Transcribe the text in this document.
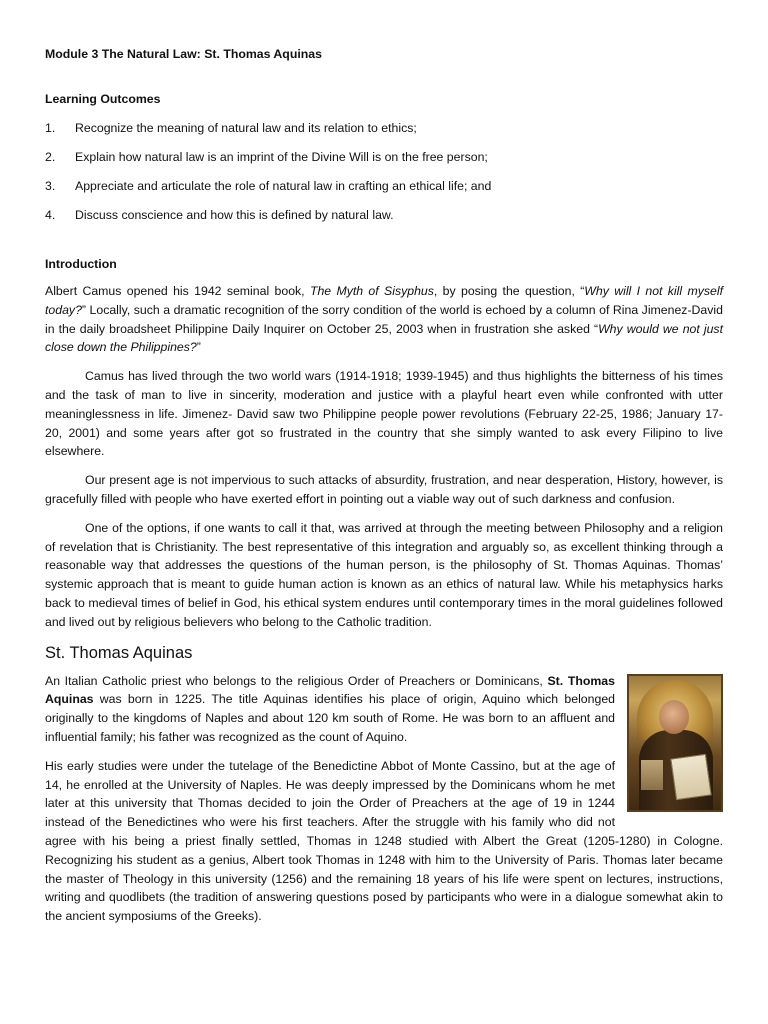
Module 3 The Natural Law: St. Thomas Aquinas
Learning Outcomes
1.	Recognize the meaning of natural law and its relation to ethics;
2.	Explain how natural law is an imprint of the Divine Will is on the free person;
3.	Appreciate and articulate the role of natural law in crafting an ethical life; and
4.	Discuss conscience and how this is defined by natural law.
Introduction

Albert Camus opened his 1942 seminal book, The Myth of Sisyphus, by posing the question, “Why will I not kill myself today?” Locally, such a dramatic recognition of the sorry condition of the world is echoed by a column of Rina Jimenez-David in the daily broadsheet Philippine Daily Inquirer on October 25, 2003 when in frustration she asked “Why would we not just close down the Philippines?”

Camus has lived through the two world wars (1914-1918; 1939-1945) and thus highlights the bitterness of his times and the task of man to live in sincerity, moderation and justice with a playful heart even while confronted with utter meaninglessness in life. Jimenez- David saw two Philippine people power revolutions (February 22-25, 1986; January 17-20, 2001) and some years after got so frustrated in the country that she simply wanted to ask every Filipino to live elsewhere.

Our present age is not impervious to such attacks of absurdity, frustration, and near desperation, History, however, is gracefully filled with people who have exerted effort in pointing out a viable way out of such darkness and confusion.

One of the options, if one wants to call it that, was arrived at through the meeting between Philosophy and a religion of revelation that is Christianity. The best representative of this integration and arguably so, as excellent thinking through a reasonable way that addresses the questions of the human person, is the philosophy of St. Thomas Aquinas. Thomas’ systemic approach that is meant to guide human action is known as an ethics of natural law. While his metaphysics harks back to medieval times of belief in God, his ethical system endures until contemporary times in the moral guidelines followed and lived out by religious believers who belong to the Catholic tradition.

St. Thomas Aquinas

An Italian Catholic priest who belongs to the religious Order of Preachers or Dominicans, St. Thomas Aquinas was born in 1225. The title Aquinas identifies his place of origin, Aquino which belonged originally to the kingdoms of Naples and about 120 km south of Rome. He was born to an affluent and influential family; his father was recognized as the count of Aquino.

His early studies were under the tutelage of the Benedictine Abbot of Monte Cassino, but at the age of 14, he enrolled at the University of Naples. He was deeply impressed by the Dominicans whom he met later at this university that Thomas decided to join the Order of Preachers at the age of 19 in 1244 instead of the Benedictines who were his first teachers. After the struggle with his family who did not agree with his being a priest finally settled, Thomas in 1248 studied with Albert the Great (1205-1280) in Cologne. Recognizing his student as a genius, Albert took Thomas in 1248 with him to the University of Paris. Thomas later became the master of Theology in this university (1256) and the remaining 18 years of his life were spent on lectures, instructions, writing and quodlibets (the tradition of answering questions posed by participants who were in a dialogue somewhat akin to the ancient symposiums of the Greeks).
